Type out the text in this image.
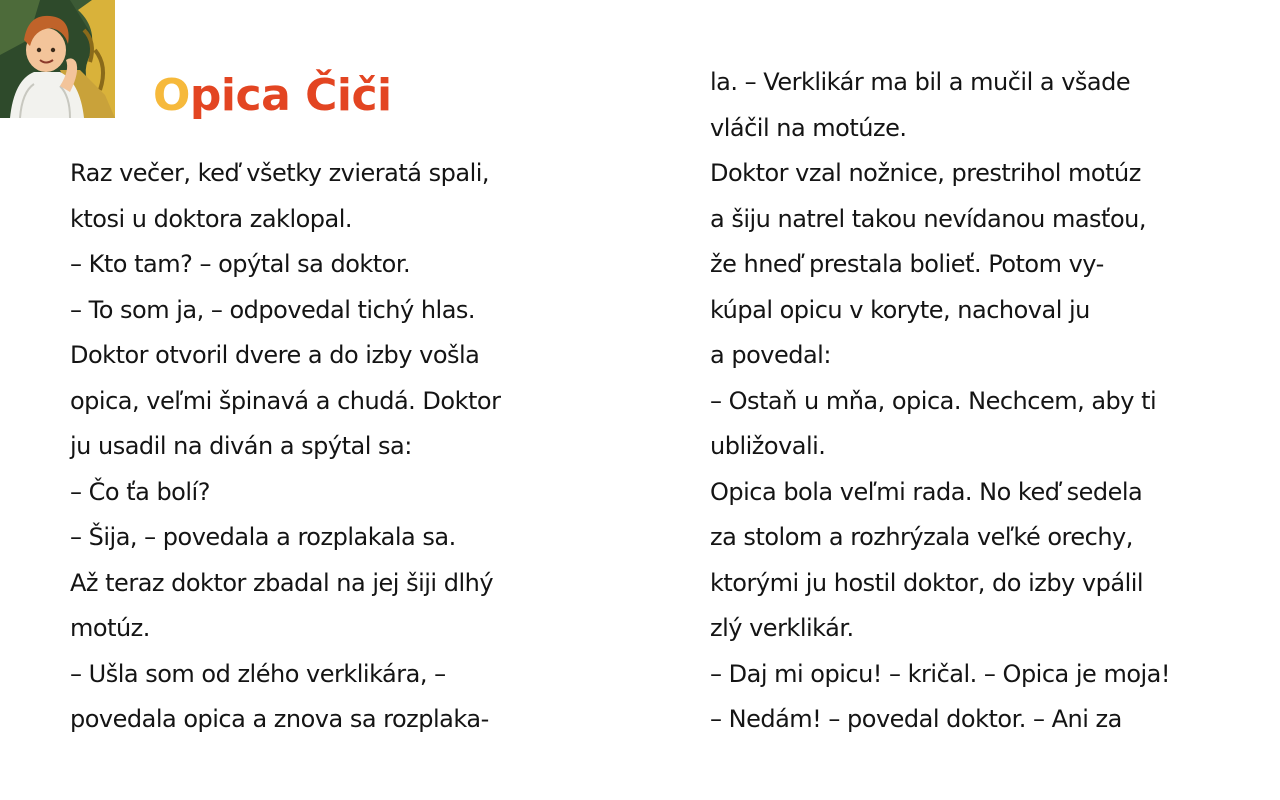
Opica Čiči
Raz večer, keď všetky zvieratá spali,
ktosi u doktora zaklopal.
– Kto tam? – opýtal sa doktor.
– To som ja, – odpovedal tichý hlas.
Doktor otvoril dvere a do izby vošla
opica, veľmi špinavá a chudá. Doktor
ju usadil na diván a spýtal sa:
– Čo ťa bolí?
– Šija, – povedala a rozplakala sa.
Až teraz doktor zbadal na jej šiji dlhý
motúz.
– Ušla som od zlého verklikára, –
povedala opica a znova sa rozplaka-
la. – Verklikár ma bil a mučil a všade
vláčil na motúze.
Doktor vzal nožnice, prestrihol motúz
a šiju natrel takou nevídanou masťou,
že hneď prestala bolieť. Potom vy-
kúpal opicu v koryte, nachoval ju
a povedal:
– Ostaň u mňa, opica. Nechcem, aby ti
ubližovali.
Opica bola veľmi rada. No keď sedela
za stolom a rozhrýzala veľké orechy,
ktorými ju hostil doktor, do izby vpálil
zlý verklikár.
– Daj mi opicu! – kričal. – Opica je moja!
– Nedám! – povedal doktor. – Ani za
